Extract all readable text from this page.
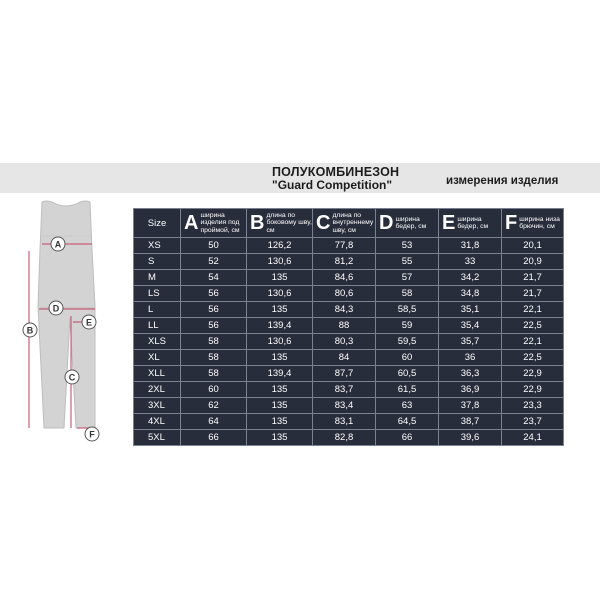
ПОЛУКОМБИНЕЗОН
"Guard Competition"	измерения изделия
A
B
C
D
E
F
Size	A ширина изделия под проймой, см	B длина по боковому шву, см	C длина по внутреннему шву, см	D ширина бедер, см	E ширина бедер, см	F ширина низа брючин, см

XS	50	126,2	77,8	53	31,8	20,1
S	52	130,6	81,2	55	33	20,9
M	54	135	84,6	57	34,2	21,7
LS	56	130,6	80,6	58	34,8	21,7
L	56	135	84,3	58,5	35,1	22,1
LL	56	139,4	88	59	35,4	22,5
XLS	58	130,6	80,3	59,5	35,7	22,1
XL	58	135	84	60	36	22,5
XLL	58	139,4	87,7	60,5	36,3	22,9
2XL	60	135	83,7	61,5	36,9	22,9
3XL	62	135	83,4	63	37,8	23,3
4XL	64	135	83,1	64,5	38,7	23,7
5XL	66	135	82,8	66	39,6	24,1
